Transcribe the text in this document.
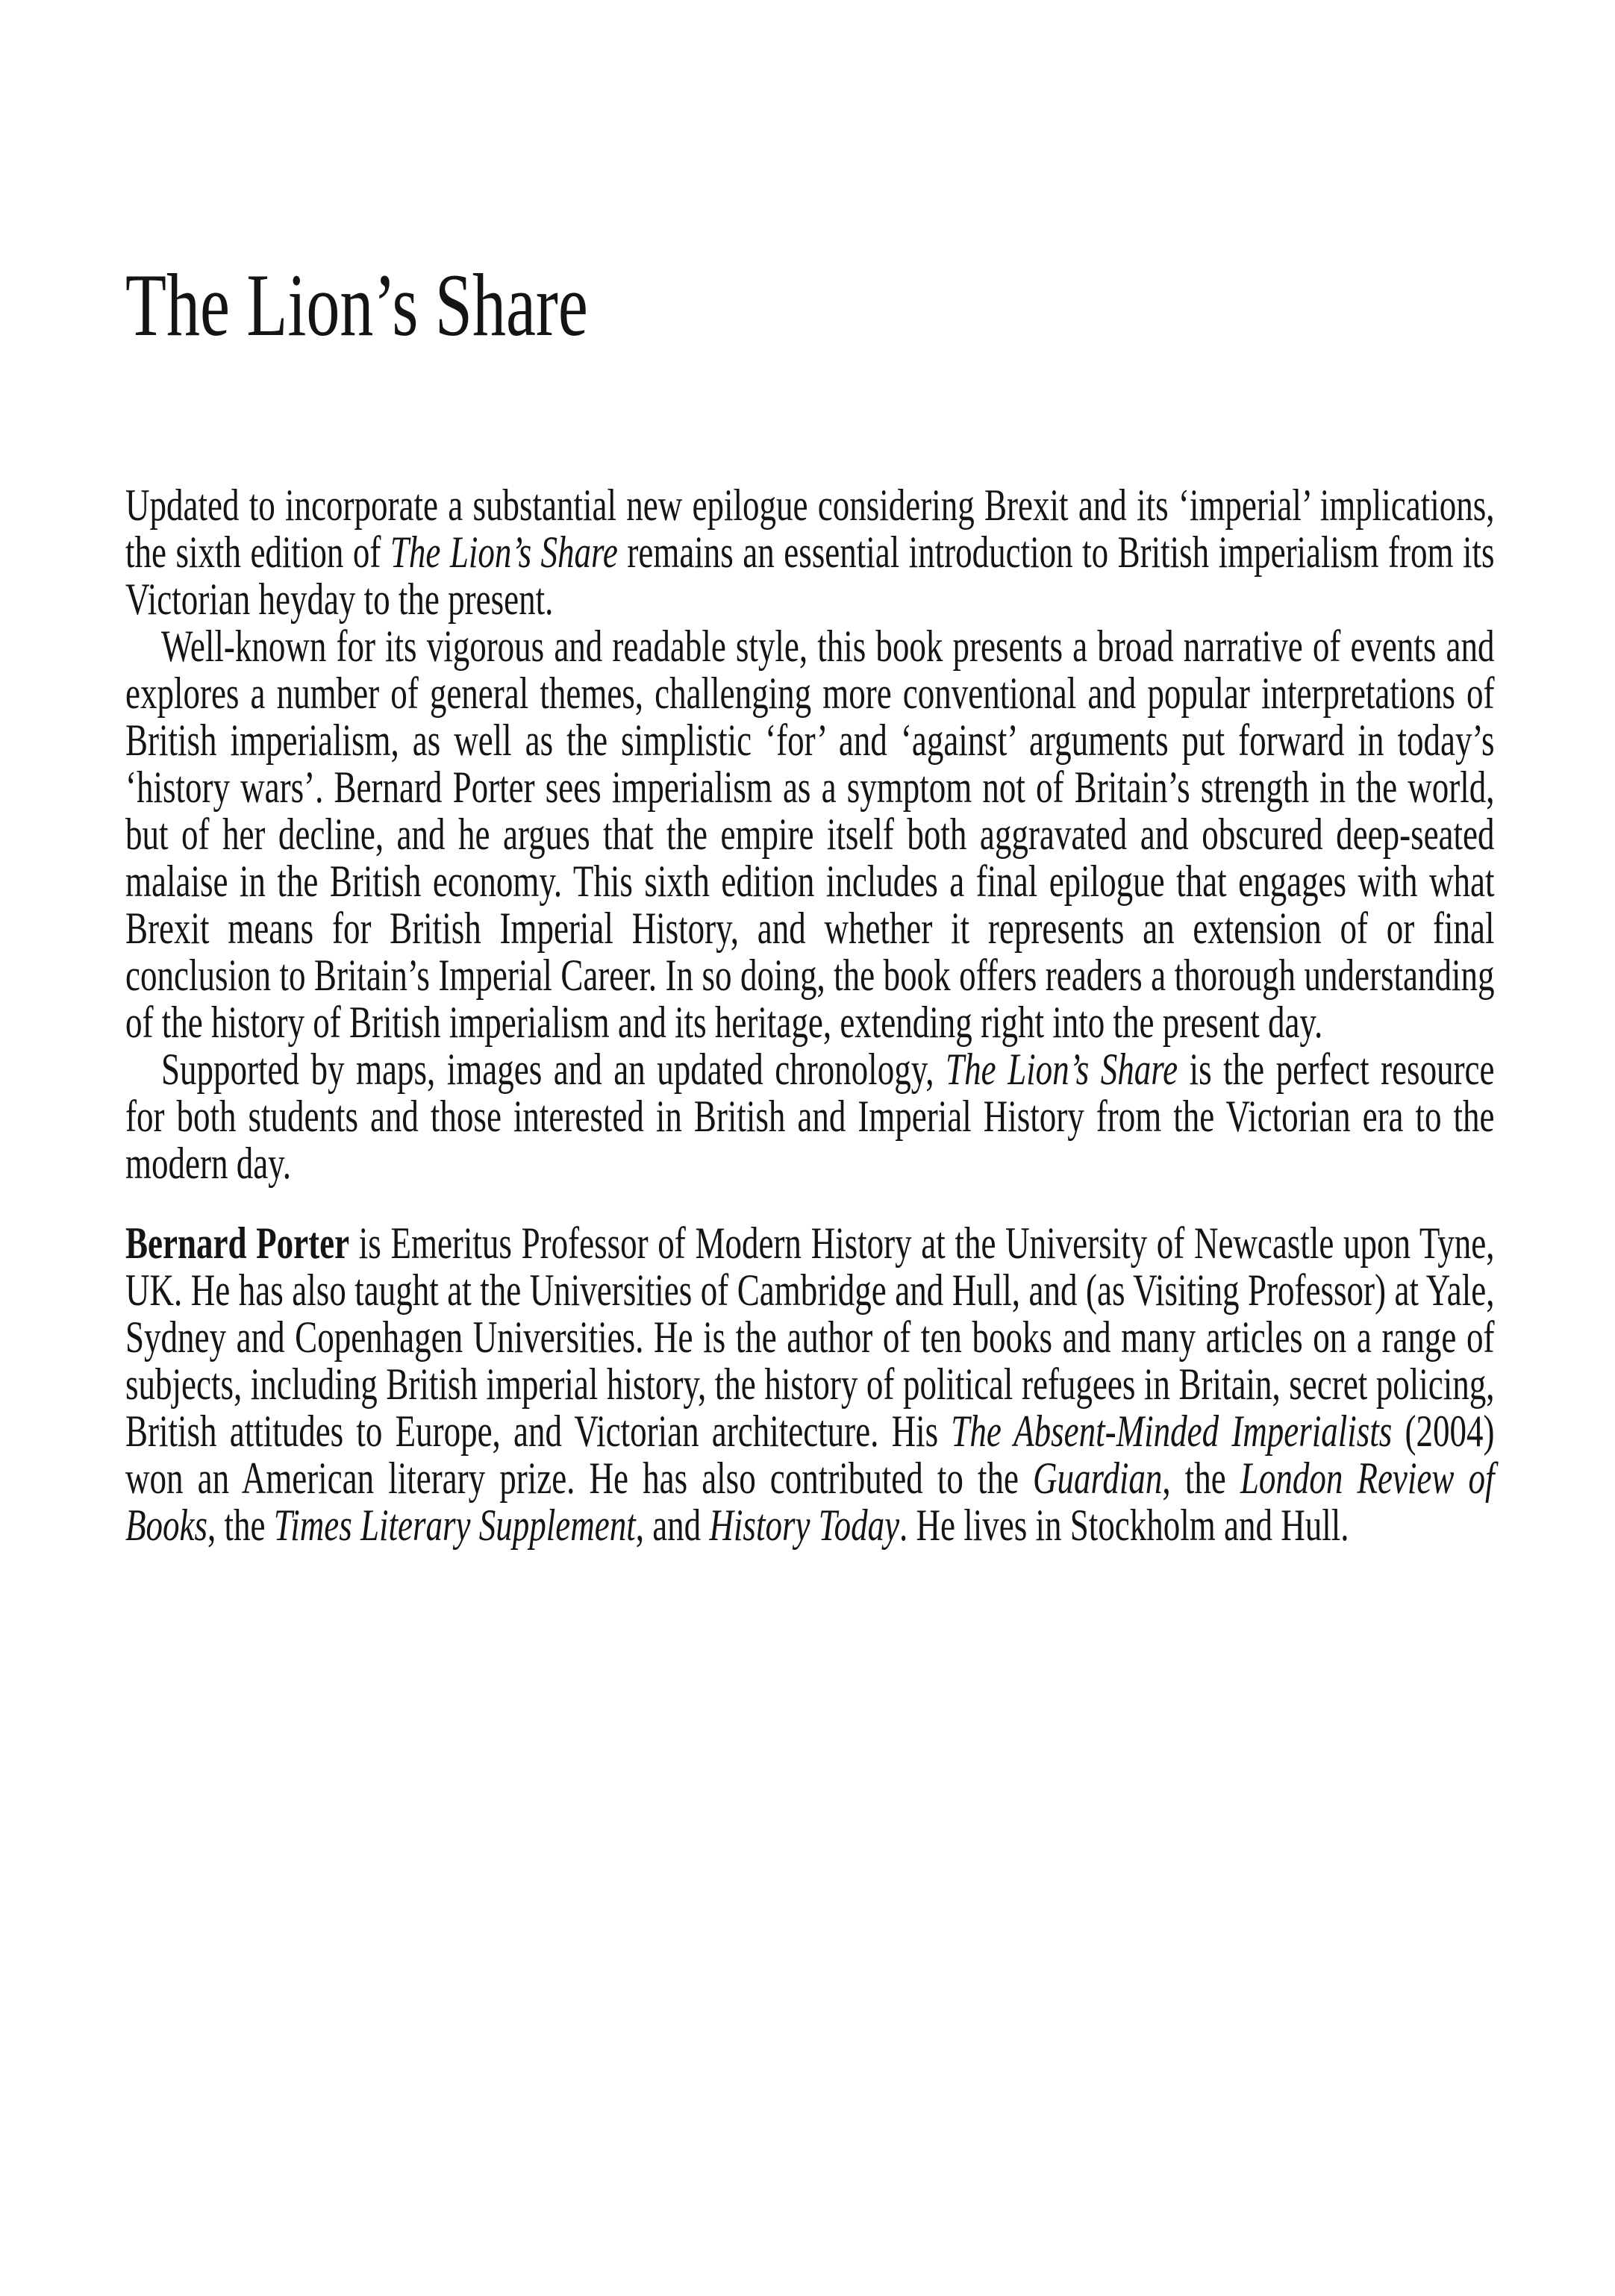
The Lion’s Share

Updated to incorporate a substantial new epilogue considering Brexit and its ‘imperial’ implications, the sixth edition of The Lion’s Share remains an essential introduction to British imperialism from its Victorian heyday to the present.

Well-known for its vigorous and readable style, this book presents a broad narrative of events and explores a number of general themes, challenging more conventional and popular interpretations of British imperialism, as well as the simplistic ‘for’ and ‘against’ arguments put forward in today’s ‘history wars’. Bernard Porter sees imperialism as a symptom not of Britain’s strength in the world, but of her decline, and he argues that the empire itself both aggravated and obscured deep-seated malaise in the British economy. This sixth edition includes a final epilogue that engages with what Brexit means for British Imperial History, and whether it represents an extension of or final conclusion to Britain’s Imperial Career. In so doing, the book offers readers a thorough understanding of the history of British imperialism and its heritage, extending right into the present day.

Supported by maps, images and an updated chronology, The Lion’s Share is the perfect resource for both students and those interested in British and Imperial History from the Victorian era to the modern day.

Bernard Porter is Emeritus Professor of Modern History at the University of Newcastle upon Tyne, UK. He has also taught at the Universities of Cambridge and Hull, and (as Visiting Professor) at Yale, Sydney and Copenhagen Universities. He is the author of ten books and many articles on a range of subjects, including British imperial history, the history of political refugees in Britain, secret policing, British attitudes to Europe, and Victorian architecture. His The Absent-Minded Imperialists (2004) won an American literary prize. He has also contributed to the Guardian, the London Review of Books, the Times Literary Supplement, and History Today. He lives in Stockholm and Hull.
